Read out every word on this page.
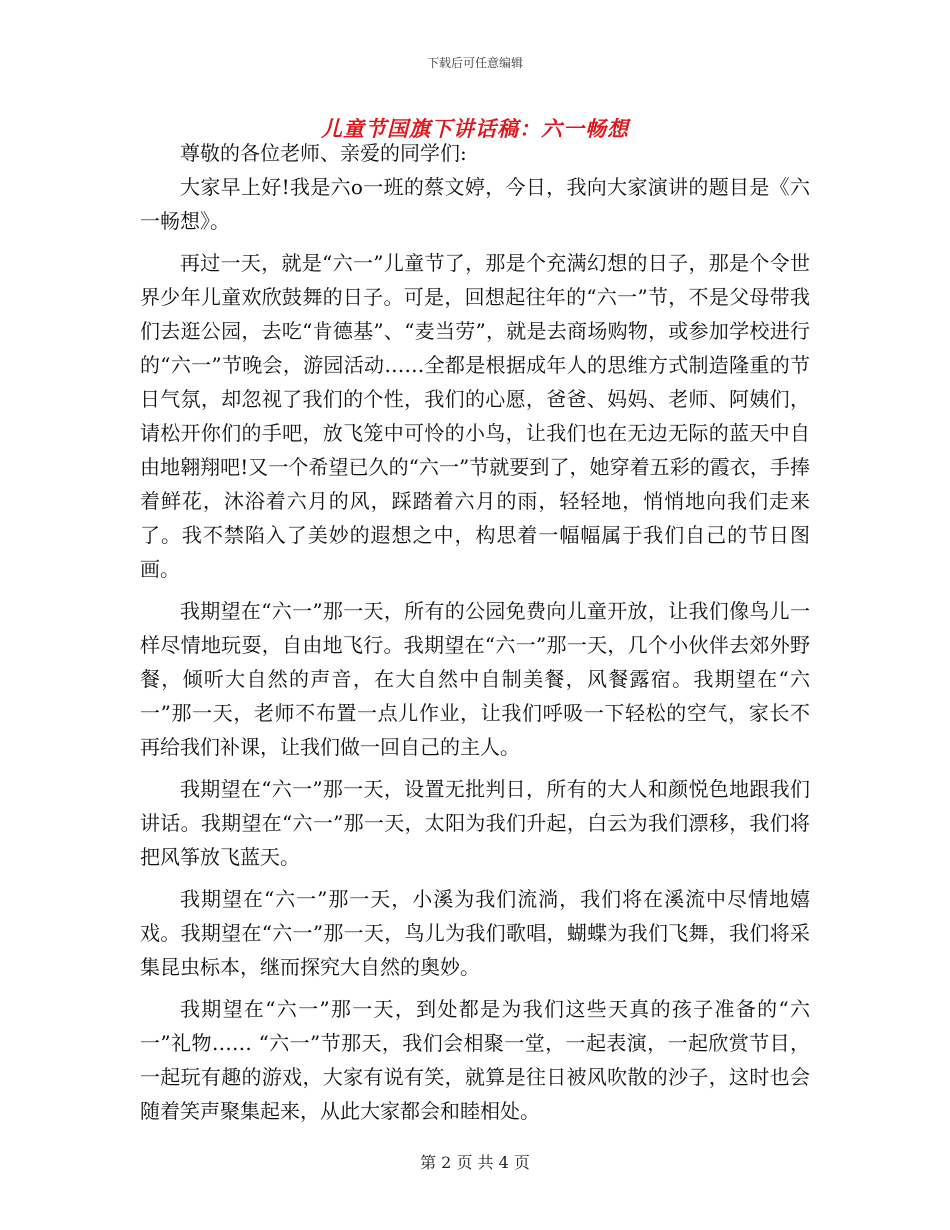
下载后可任意编辑
儿童节国旗下讲话稿：六一畅想

尊敬的各位老师、亲爱的同学们:

大家早上好!我是六o一班的蔡文婷，今日，我向大家演讲的题目是《六一畅想》。

再过一天，就是“六一”儿童节了，那是个充满幻想的日子，那是个令世界少年儿童欢欣鼓舞的日子。可是，回想起往年的“六一”节，不是父母带我们去逛公园，去吃“肯德基”、“麦当劳”，就是去商场购物，或参加学校进行的“六一”节晚会，游园活动……全都是根据成年人的思维方式制造隆重的节日气氛，却忽视了我们的个性，我们的心愿，爸爸、妈妈、老师、阿姨们，请松开你们的手吧，放飞笼中可怜的小鸟，让我们也在无边无际的蓝天中自由地翱翔吧!又一个希望已久的“六一”节就要到了，她穿着五彩的霞衣，手捧着鲜花，沐浴着六月的风，踩踏着六月的雨，轻轻地，悄悄地向我们走来了。我不禁陷入了美妙的遐想之中，构思着一幅幅属于我们自己的节日图画。

我期望在“六一”那一天，所有的公园免费向儿童开放，让我们像鸟儿一样尽情地玩耍，自由地飞行。我期望在“六一”那一天，几个小伙伴去郊外野餐，倾听大自然的声音，在大自然中自制美餐，风餐露宿。我期望在“六一”那一天，老师不布置一点儿作业，让我们呼吸一下轻松的空气，家长不再给我们补课，让我们做一回自己的主人。

我期望在“六一”那一天，设置无批判日，所有的大人和颜悦色地跟我们讲话。我期望在“六一”那一天，太阳为我们升起，白云为我们漂移，我们将把风筝放飞蓝天。

我期望在“六一”那一天，小溪为我们流淌，我们将在溪流中尽情地嬉戏。我期望在“六一”那一天，鸟儿为我们歌唱，蝴蝶为我们飞舞，我们将采集昆虫标本，继而探究大自然的奥妙。

我期望在“六一”那一天，到处都是为我们这些天真的孩子准备的“六一”礼物…… “六一”节那天，我们会相聚一堂，一起表演，一起欣赏节目，一起玩有趣的游戏，大家有说有笑，就算是往日被风吹散的沙子，这时也会随着笑声聚集起来，从此大家都会和睦相处。

第 2 页 共 4 页
